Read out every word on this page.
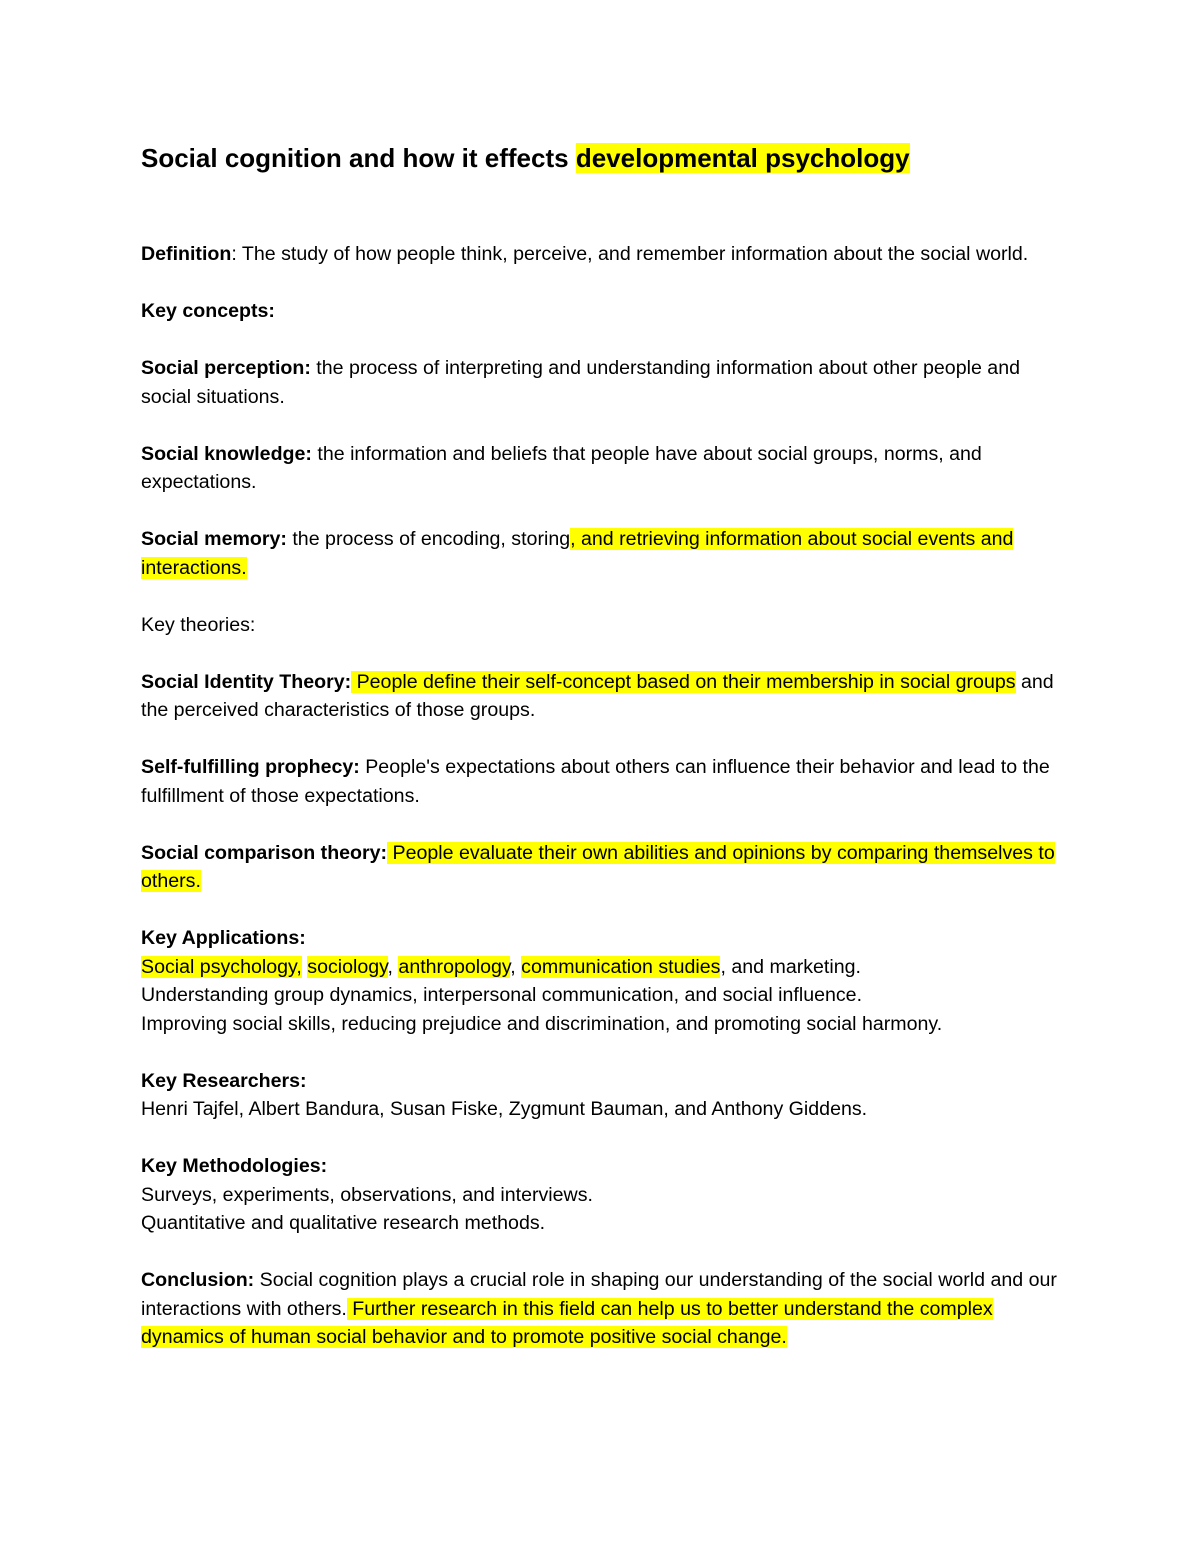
Social cognition and how it effects developmental psychology

Definition: The study of how people think, perceive, and remember information about the social world.

Key concepts:

Social perception: the process of interpreting and understanding information about other people and social situations.

Social knowledge: the information and beliefs that people have about social groups, norms, and expectations.

Social memory: the process of encoding, storing, and retrieving information about social events and interactions.

Key theories:

Social Identity Theory: People define their self-concept based on their membership in social groups and the perceived characteristics of those groups.

Self-fulfilling prophecy: People's expectations about others can influence their behavior and lead to the fulfillment of those expectations.

Social comparison theory: People evaluate their own abilities and opinions by comparing themselves to others.

Key Applications:
Social psychology, sociology, anthropology, communication studies, and marketing.
Understanding group dynamics, interpersonal communication, and social influence.
Improving social skills, reducing prejudice and discrimination, and promoting social harmony.

Key Researchers:
Henri Tajfel, Albert Bandura, Susan Fiske, Zygmunt Bauman, and Anthony Giddens.

Key Methodologies:
Surveys, experiments, observations, and interviews.
Quantitative and qualitative research methods.

Conclusion: Social cognition plays a crucial role in shaping our understanding of the social world and our interactions with others. Further research in this field can help us to better understand the complex dynamics of human social behavior and to promote positive social change.
